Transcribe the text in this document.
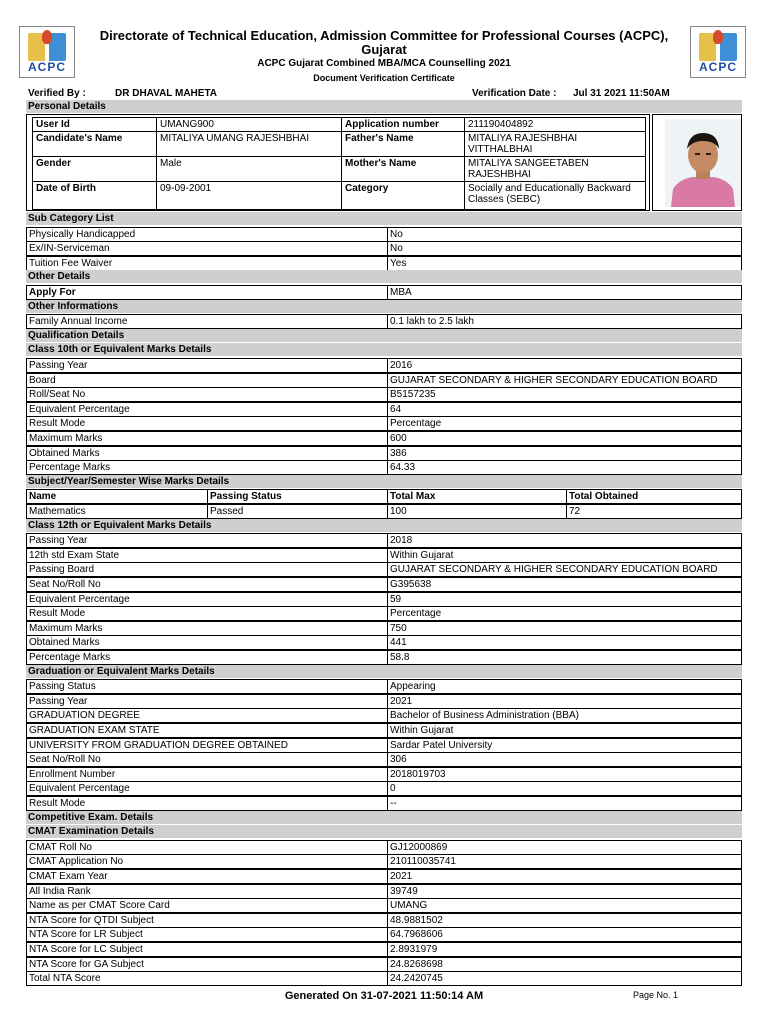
ACPC	ACPC
Directorate of Technical Education, Admission Committee for Professional Courses (ACPC), Gujarat
ACPC Gujarat Combined MBA/MCA Counselling 2021
Document Verification Certificate
Verified By :	DR DHAVAL MAHETA	Verification Date : Jul 31 2021 11:50AM
Personal Details
User Id	UMANG900	Application number	211190404892
Candidate's Name	MITALIYA UMANG RAJESHBHAI	Father's Name	MITALIYA RAJESHBHAI VITTHALBHAI
Gender	Male	Mother's Name	MITALIYA SANGEETABEN RAJESHBHAI
Date of Birth	09-09-2001	Category	Socially and Educationally Backward Classes (SEBC)
Sub Category List
Physically Handicapped	No
Ex/IN-Serviceman	No
Tuition Fee Waiver	Yes
Other Details
Apply For	MBA
Other Informations
Family Annual Income	0.1 lakh to 2.5 lakh
Qualification Details
Class 10th or Equivalent Marks Details
Passing Year	2016
Board	GUJARAT SECONDARY & HIGHER SECONDARY EDUCATION BOARD
Roll/Seat No	B5157235
Equivalent Percentage	64
Result Mode	Percentage
Maximum Marks	600
Obtained Marks	386
Percentage Marks	64.33
Subject/Year/Semester Wise Marks Details
Name	Passing Status	Total Max	Total Obtained
Mathematics	Passed	100	72
Class 12th or Equivalent Marks Details
Passing Year	2018
12th std Exam State	Within Gujarat
Passing Board	GUJARAT SECONDARY & HIGHER SECONDARY EDUCATION BOARD
Seat No/Roll No	G395638
Equivalent Percentage	59
Result Mode	Percentage
Maximum Marks	750
Obtained Marks	441
Percentage Marks	58.8
Graduation or Equivalent Marks Details
Passing Status	Appearing
Passing Year	2021
GRADUATION DEGREE	Bachelor of Business Administration (BBA)
GRADUATION EXAM STATE	Within Gujarat
UNIVERSITY FROM GRADUATION DEGREE OBTAINED	Sardar Patel University
Seat No/Roll No	306
Enrollment Number	2018019703
Equivalent Percentage	0
Result Mode	--
Competitive Exam. Details
CMAT Examination Details
CMAT Roll No	GJ12000869
CMAT Application No	210110035741
CMAT Exam Year	2021
All India Rank	39749
Name as per CMAT Score Card	UMANG
NTA Score for QTDI Subject	48.9881502
NTA Score for LR Subject	64.7968606
NTA Score for LC Subject	2.8931979
NTA Score for GA Subject	24.8268698
Total NTA Score	24.2420745
Generated On 31-07-2021 11:50:14 AM	Page No. 1
